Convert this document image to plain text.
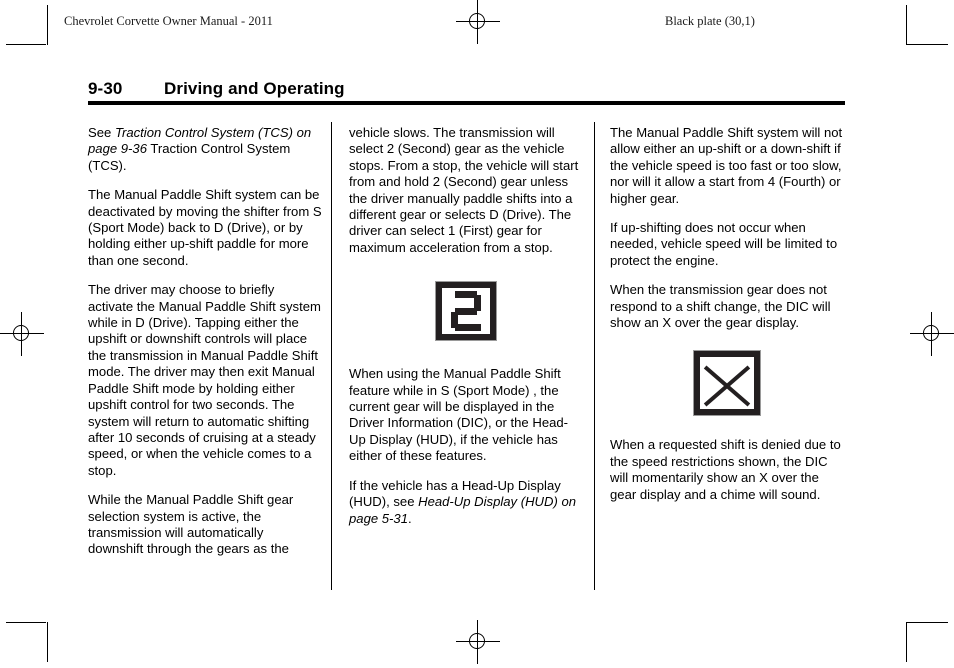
Chevrolet Corvette Owner Manual - 2011	Black plate (30,1)
9-30 Driving and Operating

See Traction Control System (TCS) on page 9-36 Traction Control System (TCS).

The Manual Paddle Shift system can be deactivated by moving the shifter from S (Sport Mode) back to D (Drive), or by holding either up-shift paddle for more than one second.

The driver may choose to briefly activate the Manual Paddle Shift system while in D (Drive). Tapping either the upshift or downshift controls will place the transmission in Manual Paddle Shift mode. The driver may then exit Manual Paddle Shift mode by holding either upshift control for two seconds. The system will return to automatic shifting after 10 seconds of cruising at a steady speed, or when the vehicle comes to a stop.

While the Manual Paddle Shift gear selection system is active, the transmission will automatically downshift through the gears as the

vehicle slows. The transmission will select 2 (Second) gear as the vehicle stops. From a stop, the vehicle will start from and hold 2 (Second) gear unless the driver manually paddle shifts into a different gear or selects D (Drive). The driver can select 1 (First) gear for maximum acceleration from a stop.

When using the Manual Paddle Shift feature while in S (Sport Mode) , the current gear will be displayed in the Driver Information (DIC), or the Head-Up Display (HUD), if the vehicle has either of these features.

If the vehicle has a Head-Up Display (HUD), see Head-Up Display (HUD) on page 5-31.

The Manual Paddle Shift system will not allow either an up-shift or a down-shift if the vehicle speed is too fast or too slow, nor will it allow a start from 4 (Fourth) or higher gear.

If up-shifting does not occur when needed, vehicle speed will be limited to protect the engine.

When the transmission gear does not respond to a shift change, the DIC will show an X over the gear display.

When a requested shift is denied due to the speed restrictions shown, the DIC will momentarily show an X over the gear display and a chime will sound.
